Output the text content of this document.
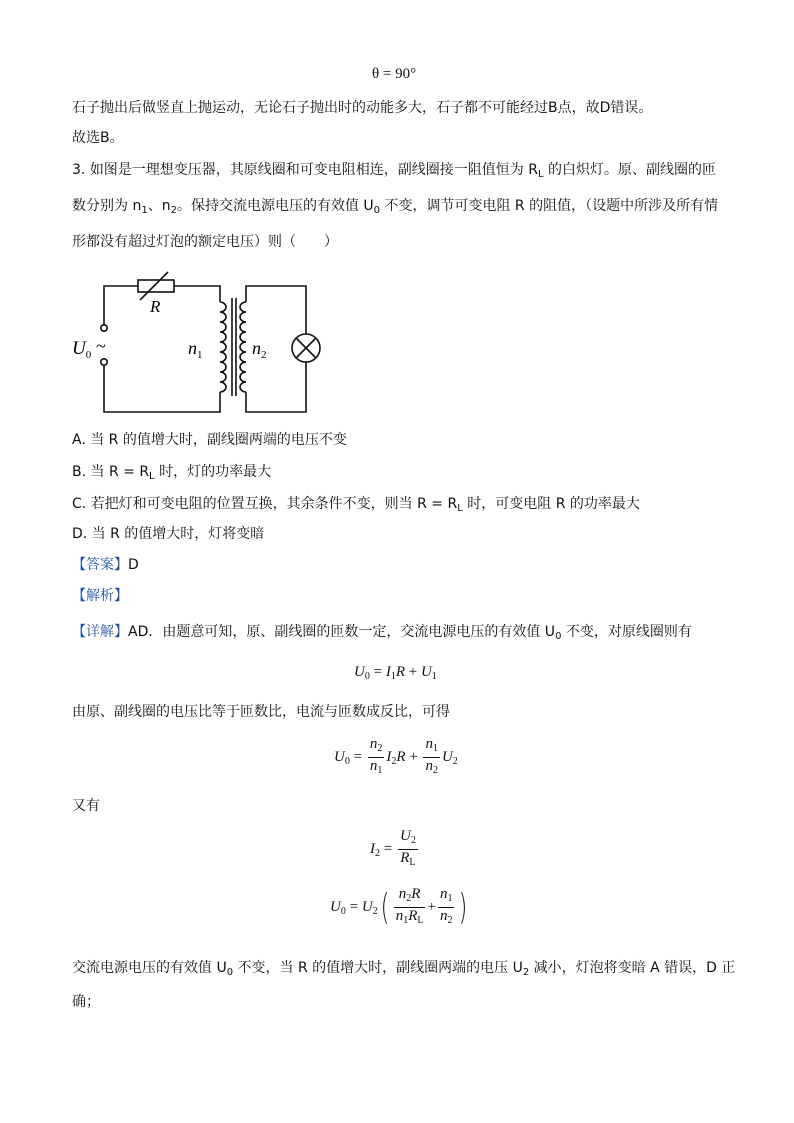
θ = 90°
石子抛出后做竖直上抛运动，无论石子抛出时的动能多大，石子都不可能经过B点，故D错误。
故选B。
3. 如图是一理想变压器，其原线圈和可变电阻相连，副线圈接一阻值恒为 $R_L$ 的白炽灯。原、副线圈的匝
数分别为 $n_1$、$n_2$。保持交流电源电压的有效值 $U_0$ 不变，调节可变电阻 R 的阻值，（设题中所涉及所有情
形都没有超过灯泡的额定电压）则（　　）
R
$U_0$ ~	$n_1$	$n_2$
A. 当 R 的值增大时，副线圈两端的电压不变
B. 当 $R = R_L$ 时，灯的功率最大
C. 若把灯和可变电阻的位置互换，其余条件不变，则当 $R = R_L$ 时，可变电阻 R 的功率最大
D. 当 R 的值增大时，灯将变暗
【答案】D
【解析】
【详解】AD．由题意可知，原、副线圈的匝数一定，交流电源电压的有效值 $U_0$ 不变，对原线圈则有
$U_0 = I_1R + U_1$
由原、副线圈的电压比等于匝数比，电流与匝数成反比，可得
$U_0 = \frac{n_2}{n_1} I_2R + \frac{n_1}{n_2} U_2$
又有
$I_2 = \frac{U_2}{R_L}$
$U_0 = U_2( \frac{n_2R}{n_1R_L} + \frac{n_1}{n_2}$ )
交流电源电压的有效值 $U_0$ 不变，当 R 的值增大时，副线圈两端的电压 $U_2$ 减小，灯泡将变暗 A 错误，D 正
确；
